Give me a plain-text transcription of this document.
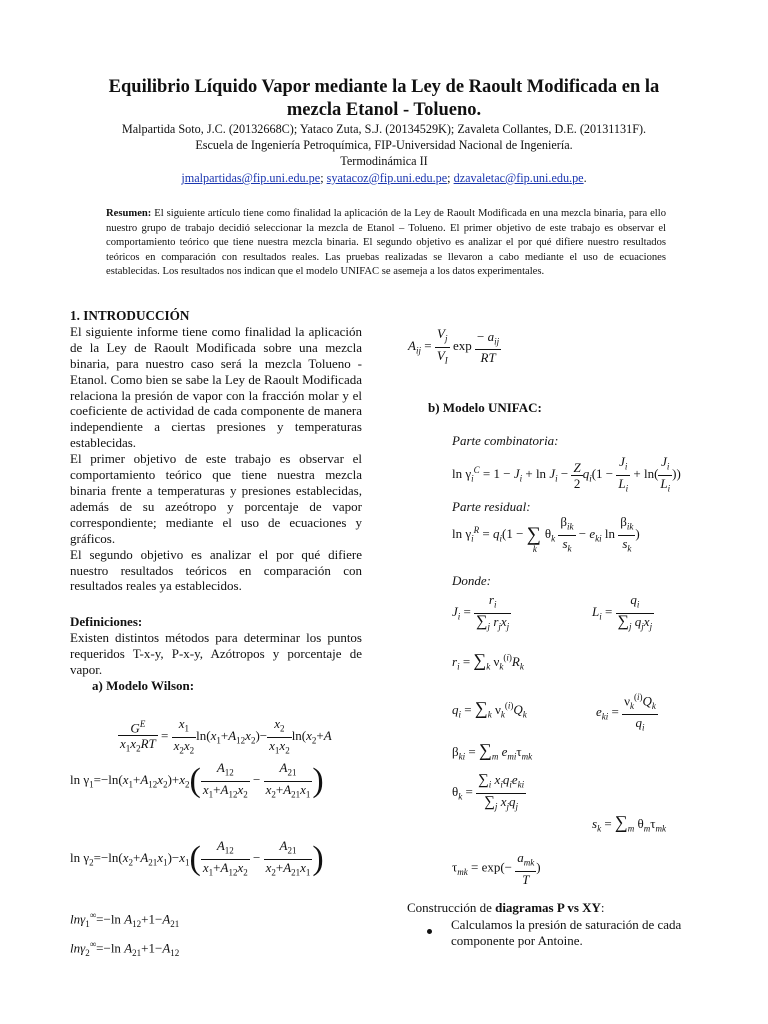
Equilibrio Líquido Vapor mediante la Ley de Raoult Modificada en la
mezcla Etanol - Tolueno.
Malpartida Soto, J.C. (20132668C); Yataco Zuta, S.J. (20134529K); Zavaleta Collantes, D.E. (20131131F).
Escuela de Ingeniería Petroquímica, FIP-Universidad Nacional de Ingeniería.
Termodinámica II
jmalpartidas@fip.uni.edu.pe; syatacoz@fip.uni.edu.pe; dzavaletac@fip.uni.edu.pe.
Resumen: El siguiente artículo tiene como finalidad la aplicación de la Ley de Raoult Modificada en una mezcla binaria, para ello nuestro grupo de trabajo decidió seleccionar la mezcla de Etanol – Tolueno. El primer objetivo de este trabajo es observar el comportamiento teórico que tiene nuestra mezcla binaria. El segundo objetivo es analizar el por qué difiere nuestro resultados teóricos en comparación con resultados reales. Las pruebas realizadas se llevaron a cabo mediante el uso de ecuaciones establecidas. Los resultados nos indican que el modelo UNIFAC se asemeja a los datos experimentales.
1. INTRODUCCIÓN
El siguiente informe tiene como finalidad la aplicación de la Ley de Raoult Modificada sobre una mezcla binaria, para nuestro caso será la mezcla Tolueno - Etanol. Como bien se sabe la Ley de Raoult Modificada relaciona la presión de vapor con la fracción molar y el coeficiente de actividad de cada componente de manera independiente a ciertas presiones y temperaturas establecidas.
El primer objetivo de este trabajo es observar el comportamiento teórico que tiene nuestra mezcla binaria frente a temperaturas y presiones establecidas, además de su azeótropo y porcentaje de vapor correspondiente; mediante el uso de ecuaciones y gráficos.
El segundo objetivo es analizar el por qué difiere nuestro resultados teóricos en comparación con resultados reales ya establecidos.
Definiciones:
Existen distintos métodos para determinar los puntos requeridos T-x-y, P-x-y, Azótropos y porcentaje de vapor.
a) Modelo Wilson:
$\frac{G^E}{x_1x_2RT} = \frac{x_1}{x_2x_2} \ln(x_1+A_{12}x_2)- \frac{x_2}{x_1x_2} \ln(x_2+A$
$\ln \gamma_1=-\ln(x_1+A_{12}x_2)+x_2( \frac{A_{12}}{x_1+A_{12}x_2} - \frac{A_{21}}{x_2+A_{21}x_1}$ )
$\ln \gamma_2=-\ln(x_2+A_{21}x_1)-x_1( \frac{A_{12}}{x_1+A_{12}x_2} - \frac{A_{21}}{x_2+A_{21}x_1}$ )
lnγ$_1$∞=−ln $A_{12}+1-A_{21}$
lnγ$_2$∞=−ln $A_{21}+1-A_{12}$
$A_{ij} = \frac{V_j}{V_I}$ $\exp \frac{- a_{ij}}{RT}$
b) Modelo UNIFAC:
Parte combinatoria:
$\ln \gamma_i^C = 1 - J_i + \ln J_i - \frac{Z}{2} q_i(1 - \frac{J_i}{L_i} + \ln( \frac{J_i}{L_i}$ ))
Parte residual:
$\ln \gamma_i^R = q_i(1 - \sum_k\theta_k \frac{\beta_{ik}}{s_k} - e_{ki}$ $\ln \frac{\beta_{ik}}{s_k}$ )
Donde:
$J_i = \frac{r_i}{\sum_j r_jx_j}$	$L_i = \frac{q_i}{\sum_j q_jx_j}$
$r_i = \sum_k$ $\nu_k^{(i)}R_k$
$q_i = \sum_k$ $\nu_k^{(i)}Q_k$	$e_{ki} = \frac{\nu_k^{(i)}Q_k}{q_i}$
$\beta_{ki} = \sum_m$ $e_{mi}\tau_{mk}$
$\theta_k = \frac{\sum_i x_iq_ie_{ki}}{\sum_j x_jq_j}$
$s_k = \sum_m$ $\theta_m\tau_{mk}$
$\tau_{mk} = \exp(- \frac{a_{mk}}{T}$ )
Construcción de diagramas P vs XY:
Calculamos la presión de saturación de cada componente por Antoine.
